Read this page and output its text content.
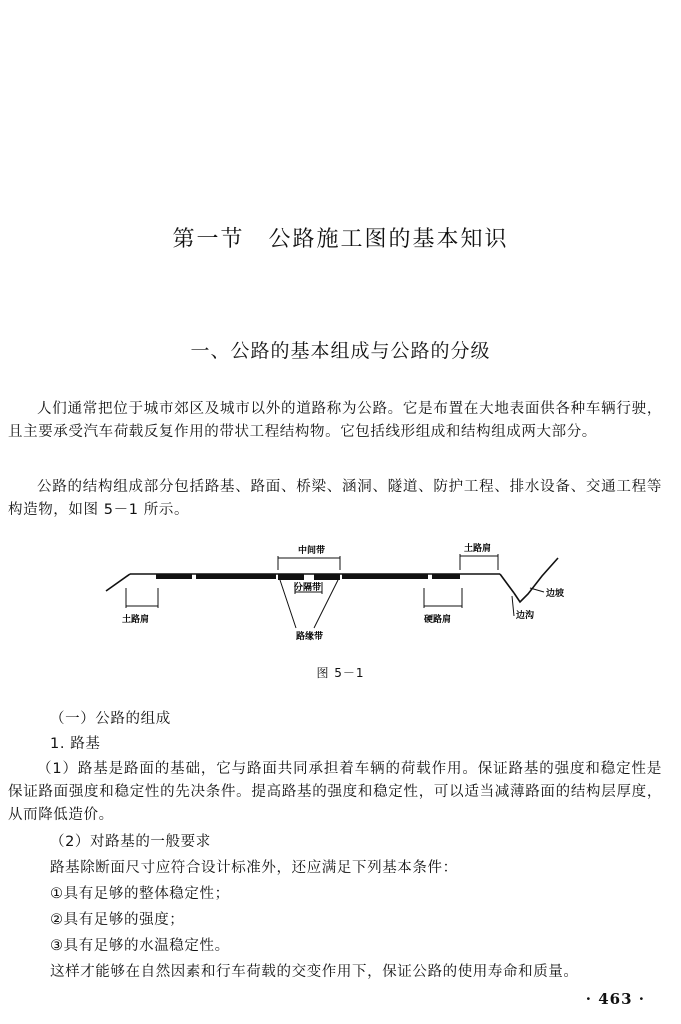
第一节　公路施工图的基本知识
一、公路的基本组成与公路的分级
人们通常把位于城市郊区及城市以外的道路称为公路。它是布置在大地表面供各种车辆行驶，且主要承受汽车荷载反复作用的带状工程结构物。它包括线形组成和结构组成两大部分。
公路的结构组成部分包括路基、路面、桥梁、涵洞、隧道、防护工程、排水设备、交通工程等构造物，如图 5－1 所示。
中间带
分隔带
路缘带
土路肩
土路肩
硬路肩
边坡
边沟
图 5－1
（一）公路的组成
1. 路基
（1）路基是路面的基础，它与路面共同承担着车辆的荷载作用。保证路基的强度和稳定性是保证路面强度和稳定性的先决条件。提高路基的强度和稳定性，可以适当减薄路面的结构层厚度，从而降低造价。
（2）对路基的一般要求
路基除断面尺寸应符合设计标准外，还应满足下列基本条件：
①具有足够的整体稳定性；
②具有足够的强度；
③具有足够的水温稳定性。
这样才能够在自然因素和行车荷载的交变作用下，保证公路的使用寿命和质量。
· 463 ·
